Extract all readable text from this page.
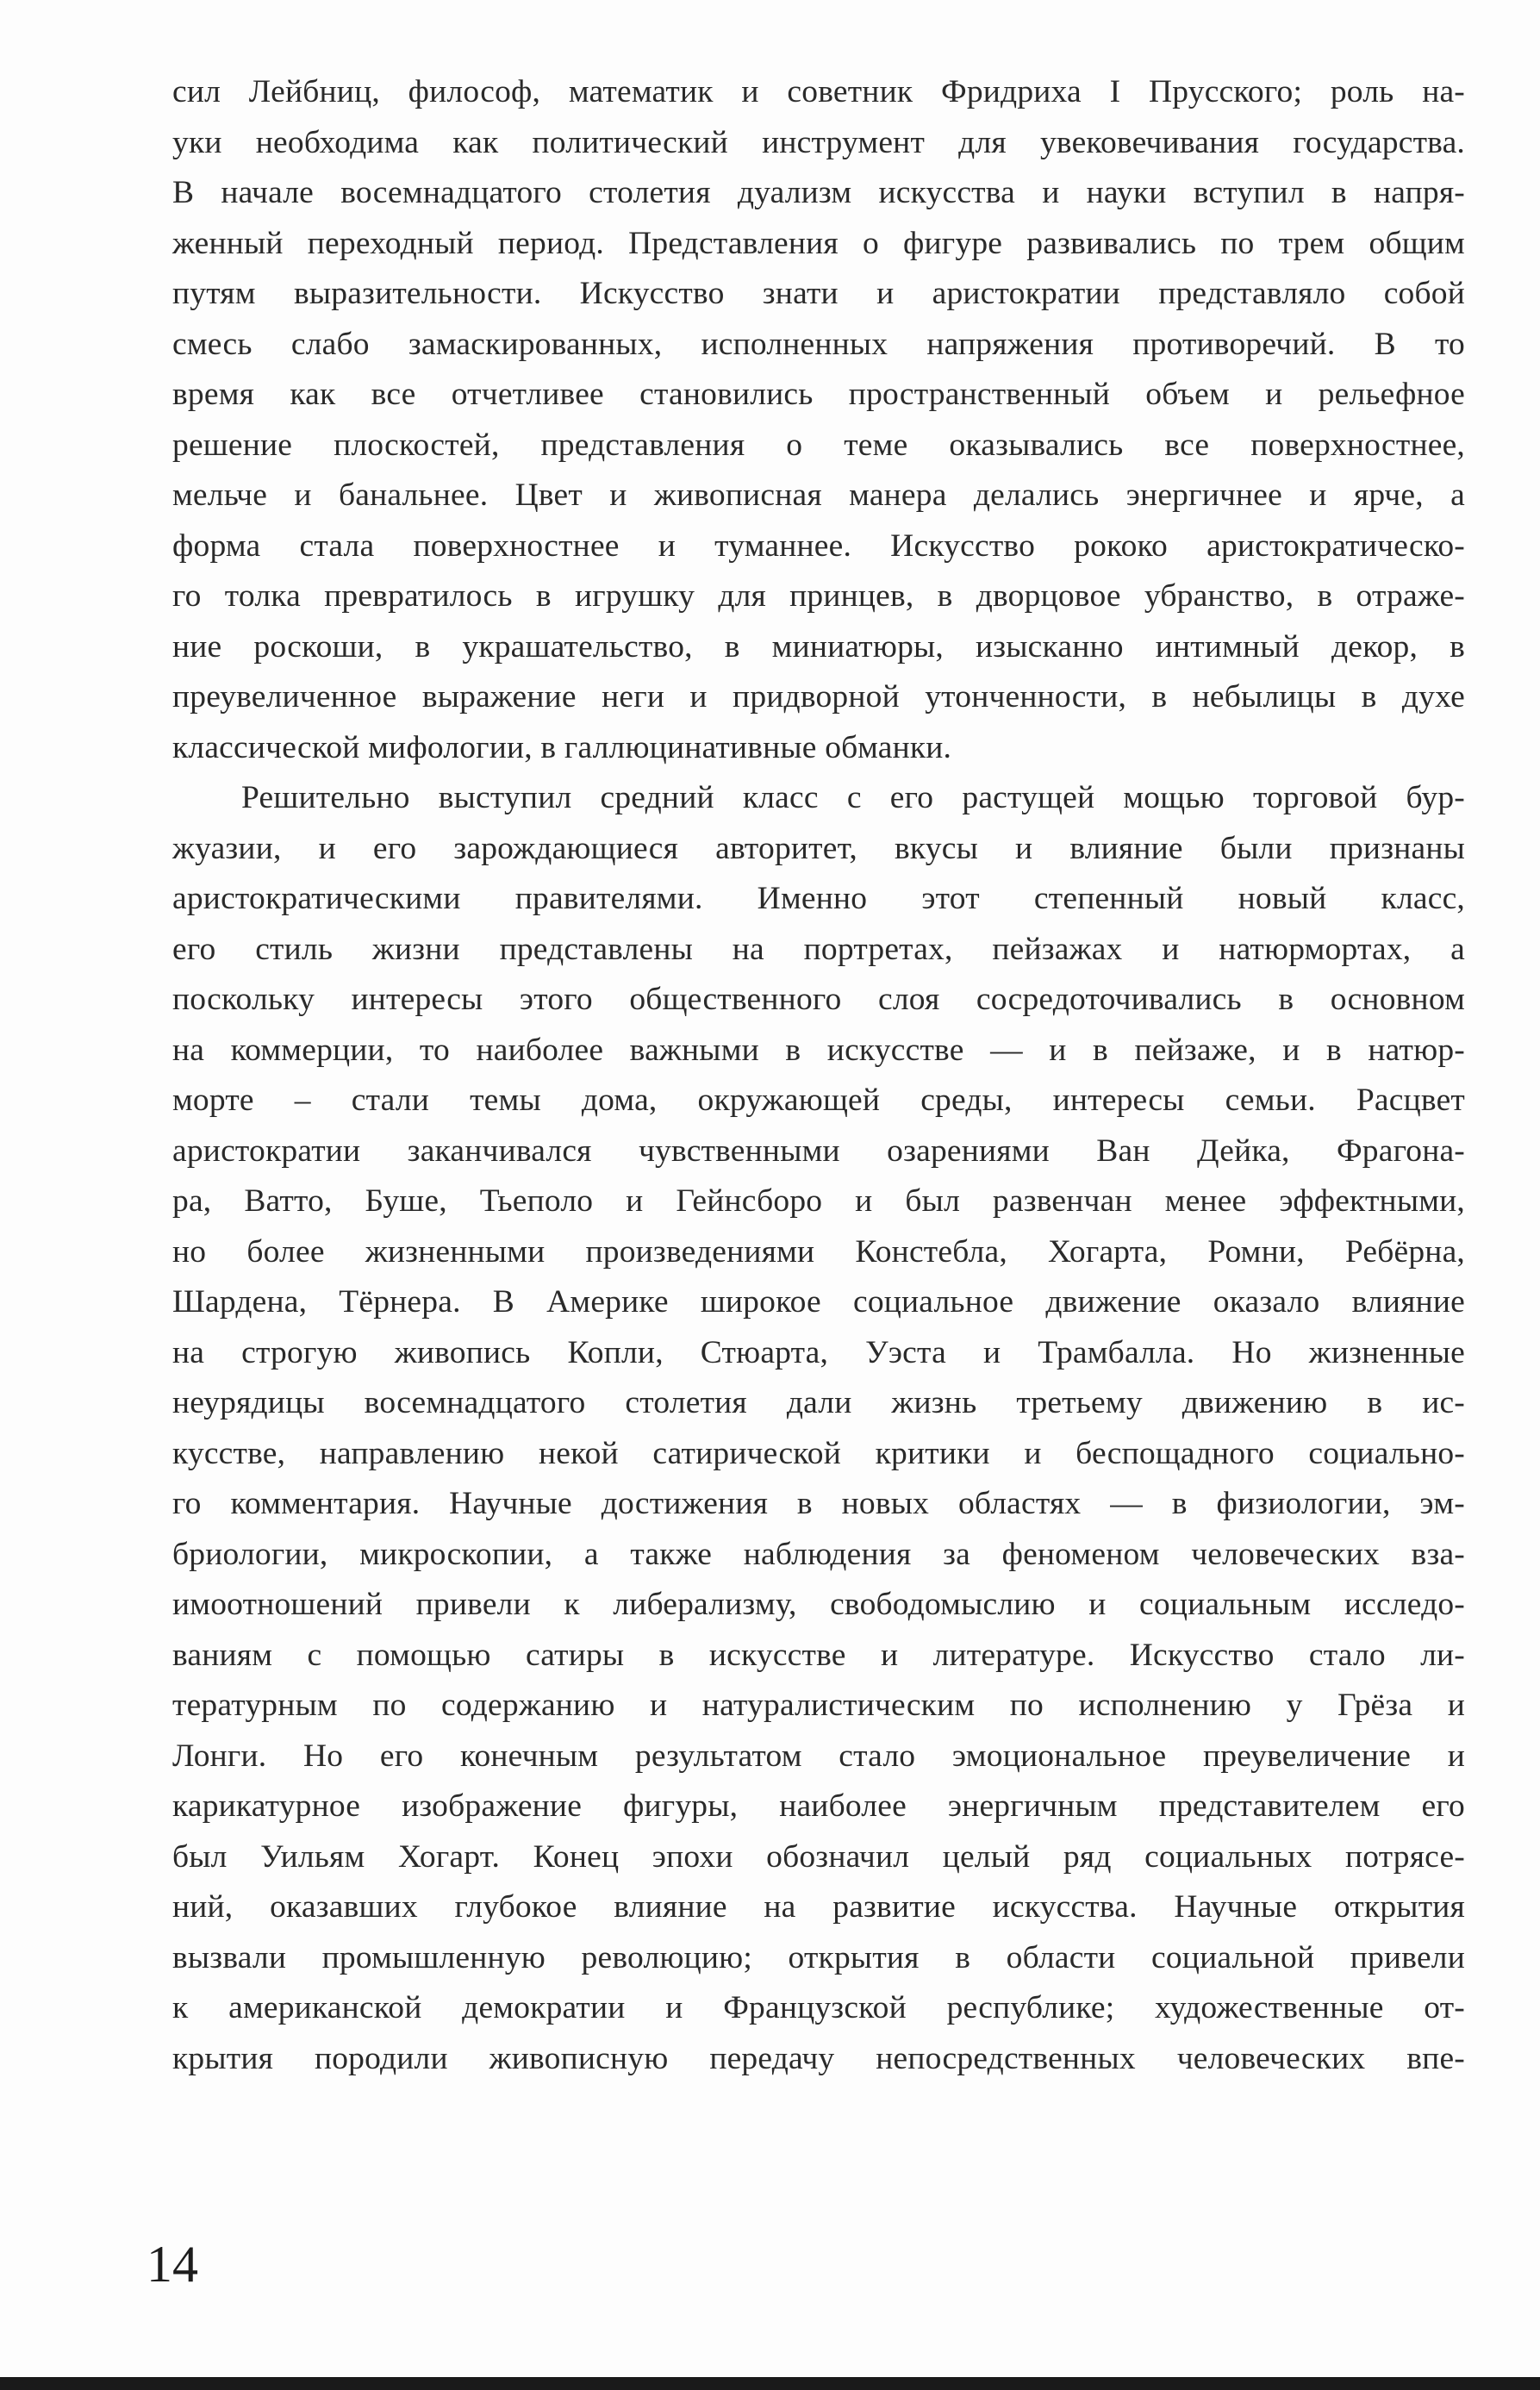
сил Лейбниц, философ, математик и советник Фридриха I Прусского; роль на-
уки необходима как политический инструмент для увековечивания государства.
В начале восемнадцатого столетия дуализм искусства и науки вступил в напря-
женный переходный период. Представления о фигуре развивались по трем общим
путям выразительности. Искусство знати и аристократии представляло собой
смесь слабо замаскированных, исполненных напряжения противоречий. В то
время как все отчетливее становились пространственный объем и рельефное
решение плоскостей, представления о теме оказывались все поверхностнее,
мельче и банальнее. Цвет и живописная манера делались энергичнее и ярче, а
форма стала поверхностнее и туманнее. Искусство рококо аристократическо-
го толка превратилось в игрушку для принцев, в дворцовое убранство, в отраже-
ние роскоши, в украшательство, в миниатюры, изысканно интимный декор, в
преувеличенное выражение неги и придворной утонченности, в небылицы в духе
классической мифологии, в галлюцинативные обманки.
Решительно выступил средний класс с его растущей мощью торговой бур-
жуазии, и его зарождающиеся авторитет, вкусы и влияние были признаны
аристократическими правителями. Именно этот степенный новый класс,
его стиль жизни представлены на портретах, пейзажах и натюрмортах, а
поскольку интересы этого общественного слоя сосредоточивались в основном
на коммерции, то наиболее важными в искусстве — и в пейзаже, и в натюр-
морте – стали темы дома, окружающей среды, интересы семьи. Расцвет
аристократии заканчивался чувственными озарениями Ван Дейка, Фрагона-
ра, Ватто, Буше, Тьеполо и Гейнсборо и был развенчан менее эффектными,
но более жизненными произведениями Констебла, Хогарта, Ромни, Ребёрна,
Шардена, Тёрнера. В Америке широкое социальное движение оказало влияние
на строгую живопись Копли, Стюарта, Уэста и Трамбалла. Но жизненные
неурядицы восемнадцатого столетия дали жизнь третьему движению в ис-
кусстве, направлению некой сатирической критики и беспощадного социально-
го комментария. Научные достижения в новых областях — в физиологии, эм-
бриологии, микроскопии, а также наблюдения за феноменом человеческих вза-
имоотношений привели к либерализму, свободомыслию и социальным исследо-
ваниям с помощью сатиры в искусстве и литературе. Искусство стало ли-
тературным по содержанию и натуралистическим по исполнению у Грёза и
Лонги. Но его конечным результатом стало эмоциональное преувеличение и
карикатурное изображение фигуры, наиболее энергичным представителем его
был Уильям Хогарт. Конец эпохи обозначил целый ряд социальных потрясе-
ний, оказавших глубокое влияние на развитие искусства. Научные открытия
вызвали промышленную революцию; открытия в области социальной привели
к американской демократии и Французской республике; художественные от-
крытия породили живописную передачу непосредственных человеческих впе-
14
